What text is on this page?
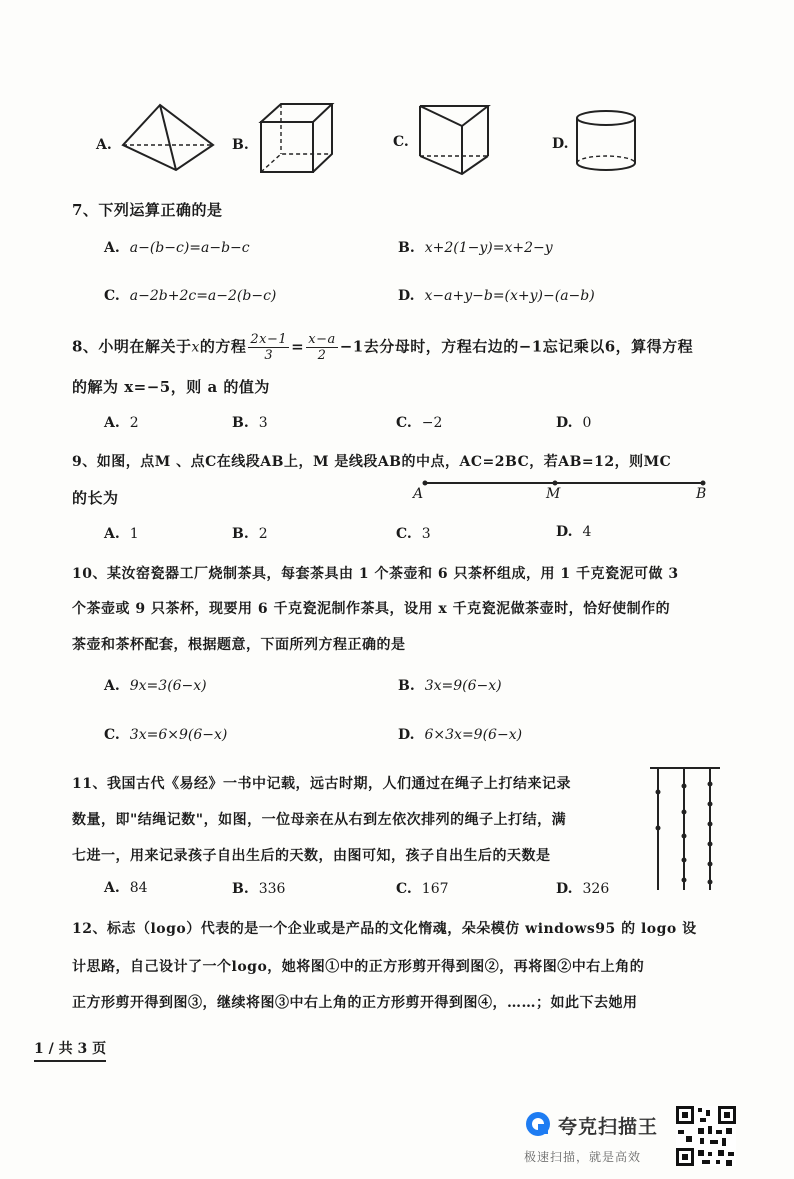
A.	B.	C.	D.
7、下列运算正确的是
A. a−(b−c)=a−b−c	B. x+2(1−y)=x+2−y
C. a−2b+2c=a−2(b−c)	D. x−a+y−b=(x+y)−(a−b)
8、小明在解关于x的方程 $\frac{2x-1}{3} = \frac{x-a}{2} -1$去分母时，方程右边的−1忘记乘以6，算得方程
的解为 x=−5，则 a 的值为
A. 2	B. 3	C. −2	D. 0
9、如图，点M 、点C在线段AB上，M 是线段AB的中点，AC=2BC，若AB=12，则MC
的长为	A	M	B
A. 1	B. 2	C. 3	D. 4
10、某汝窑瓷器工厂烧制茶具，每套茶具由 1 个茶壶和 6 只茶杯组成，用 1 千克瓷泥可做 3
个茶壶或 9 只茶杯，现要用 6 千克瓷泥制作茶具，设用 x 千克瓷泥做茶壶时，恰好使制作的
茶壶和茶杯配套，根据题意，下面所列方程正确的是
A. 9x=3(6−x)	B. 3x=9(6−x)
C. 3x=6×9(6−x)	D. 6×3x=9(6−x)
11、我国古代《易经》一书中记载，远古时期，人们通过在绳子上打结来记录
数量，即"结绳记数"，如图，一位母亲在从右到左依次排列的绳子上打结，满
七进一，用来记录孩子自出生后的天数，由图可知，孩子自出生后的天数是
A. 84	B. 336	C. 167	D. 326
12、标志（logo）代表的是一个企业或是产品的文化惰魂，朵朵模仿 windows95 的 logo 设
计思路，自己设计了一个logo，她将图①中的正方形剪开得到图②，再将图②中右上角的
正方形剪开得到图③，继续将图③中右上角的正方形剪开得到图④，……；如此下去她用
1 / 共 3 页
夸克扫描王
极速扫描，就是高效
